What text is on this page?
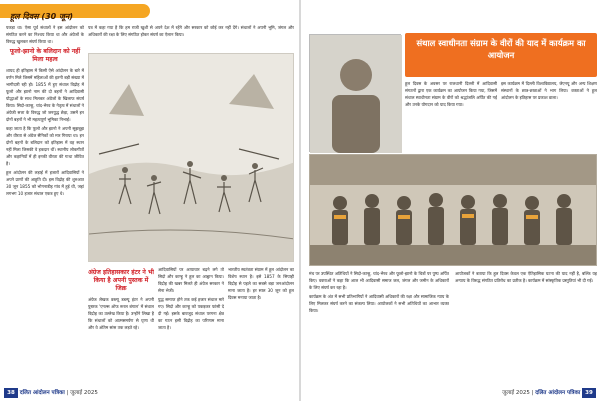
हूल दिवस (30 जून)

पकड़ा था। ऐसा पूर्व संथालों ने इस आंदोलन को संगठित करने का निश्चय किया था और अंग्रेजों के विरुद्ध खुलकर संघर्ष किया था।

फूलो-झानो के बलिदान को नहीं मिला महत्व

शायद ही इतिहास में किसी ऐसे आंदोलन के बारे में वर्णन मिले जिसमें महिलाओं की इतनी बड़ी संख्या में भागीदारी रही हो। 1855 में हुए संथाल विद्रोह में फूलो और झानो नाम की दो बहनों ने आदिवासी योद्धाओं के साथ मिलकर अंग्रेजों के खिलाफ संघर्ष किया। सिदो-कान्हू, चांद-भैरव के नेतृत्व में संथालों ने अंग्रेजी सत्ता के विरुद्ध जो जनयुद्ध छेड़ा, उसमें इन दोनों बहनों ने भी महत्वपूर्ण भूमिका निभाई।

कहा जाता है कि फूलो और झानो ने अपनी सूझबूझ और वीरता से अंग्रेज सैनिकों को मार गिराया था। इन दोनों बहनों के बलिदान को इतिहास में वह स्थान नहीं मिला जिसकी वे हकदार थीं। स्थानीय लोकगीतों और कहानियों में ही इनकी वीरता की गाथा जीवित है।

हूल आंदोलन की लड़ाई में हजारों आदिवासियों ने अपने प्राणों की आहुति दी। इस विद्रोह की शुरुआत 30 जून 1855 को भोगनाडीह गांव में हुई थी, जहां लगभग 10 हजार संथाल एकत्र हुए थे।

पत्र में कहा गया है कि हम राजी खुशी से अपने देश में रहेंगे और सरकार को कोई कर नहीं देंगे। संथालों ने अपनी भूमि, जंगल और अधिकारों की रक्षा के लिए संगठित होकर संघर्ष का ऐलान किया।

अंग्रेज इतिहासकार हंटर ने भी किया है अपनी पुस्तक में जिक्र

अंग्रेज लेखक डब्ल्यू डब्ल्यू हंटर ने अपनी पुस्तक 'एनल्स ऑफ रूरल बंगाल' में संथाल विद्रोह का उल्लेख किया है। उन्होंने लिखा है कि संथालों को आत्मसमर्पण से घृणा थी और वे अंतिम सांस तक लड़ते रहे।

आदिवासियों पर अत्याचार बढ़ने लगे तो सिदो और कान्हू ने हूल का आह्वान किया। विद्रोह की खबर मिलते ही अंग्रेज सरकार ने सेना भेजी।

युद्ध समाप्त होने तक कई हजार संथाल मारे गए। सिदो और कान्हू को पकड़कर फांसी दे दी गई। इसके बावजूद संथाल परगना क्षेत्र का गठन इसी विद्रोह का परिणाम माना जाता है।

भारतीय स्वतंत्रता संग्राम में हूल आंदोलन का विशेष स्थान है। इसे 1857 के सिपाही विद्रोह से पहले का सबसे बड़ा जनआंदोलन माना जाता है। हर साल 30 जून को हूल दिवस मनाया जाता है।

38 दलित आंदोलन पत्रिका | जुलाई 2025
संथाल स्वाधीनता संग्राम के वीरों की याद में कार्यक्रम का आयोजन

हूल दिवस के अवसर पर राजधानी दिल्ली में आदिवासी संगठनों द्वारा एक कार्यक्रम का आयोजन किया गया, जिसमें संथाल स्वाधीनता संग्राम के वीरों को श्रद्धांजलि अर्पित की गई और उनके योगदान को याद किया गया।

इस कार्यक्रम में दिल्ली विश्वविद्यालय, जेएनयू और अन्य शिक्षण संस्थानों के छात्र-छात्राओं ने भाग लिया। वक्ताओं ने हूल आंदोलन के इतिहास पर प्रकाश डाला।

मंच पर उपस्थित अतिथियों ने सिदो-कान्हू, चांद-भैरव और फूलो-झानो के चित्रों पर पुष्प अर्पित किए। वक्ताओं ने कहा कि आज भी आदिवासी समाज जल, जंगल और जमीन के अधिकारों के लिए संघर्ष कर रहा है।

कार्यक्रम के अंत में सभी प्रतिभागियों ने आदिवासी अधिकारों की रक्षा और सामाजिक न्याय के लिए मिलकर संघर्ष करने का संकल्प लिया। आयोजकों ने सभी अतिथियों का आभार व्यक्त किया।

आयोजकों ने बताया कि हूल दिवस केवल एक ऐतिहासिक घटना की याद नहीं है, बल्कि यह अन्याय के विरुद्ध संगठित प्रतिरोध का प्रतीक है। कार्यक्रम में सांस्कृतिक प्रस्तुतियां भी दी गईं।

जुलाई 2025 | दलित आंदोलन पत्रिका 39
